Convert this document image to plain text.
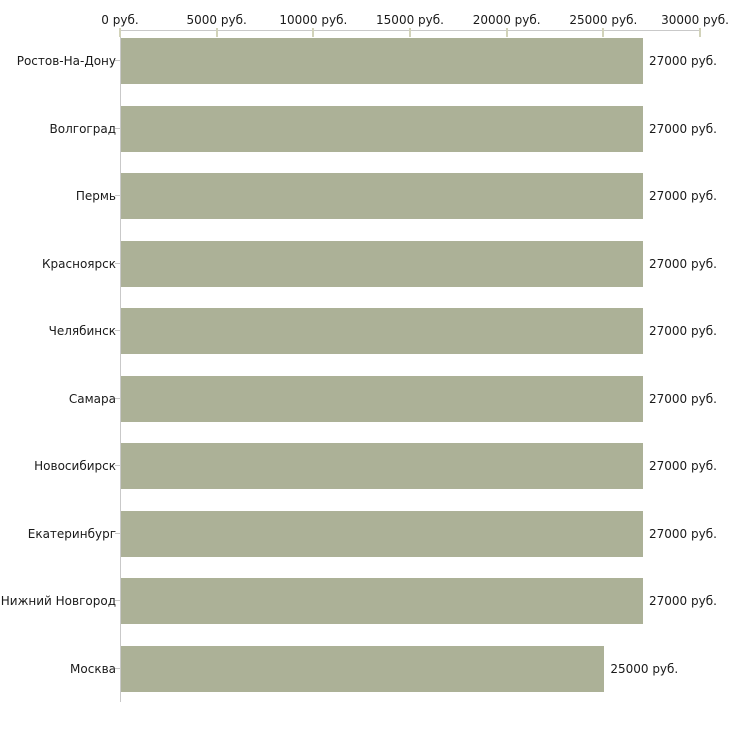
0 руб.	5000 руб.	10000 руб. 15000 руб. 20000 руб. 25000 руб. 30000 руб.
Ростов-На-Дону	27000 руб.
Волгоград	27000 руб.
Пермь	27000 руб.
Красноярск	27000 руб.
Челябинск	27000 руб.
Самара	27000 руб.
Новосибирск	27000 руб.
Екатеринбург	27000 руб.
Нижний Новгород	27000 руб.
Москва	25000 руб.
